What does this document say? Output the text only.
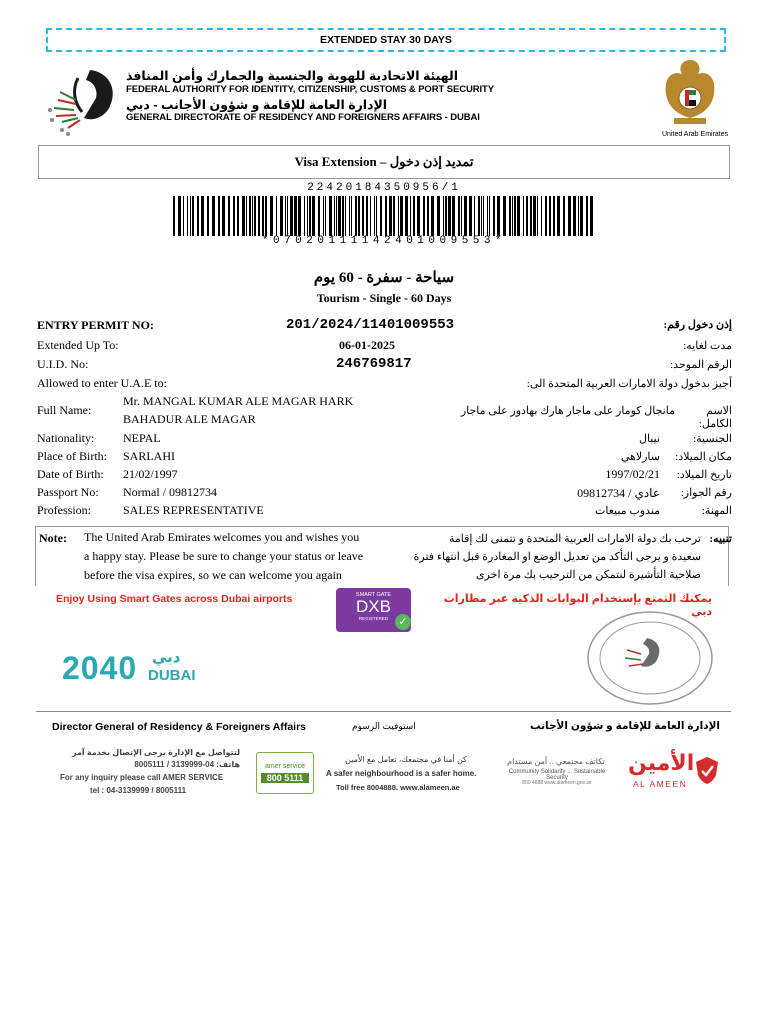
EXTENDED STAY 30 DAYS
الهيئة الاتحادية للهوية والجنسية والجمارك وأمن المنافذ
FEDERAL AUTHORITY FOR IDENTITY, CITIZENSHIP, CUSTOMS & PORT SECURITY
الإدارة العامة للإقامة و شؤون الأجانب - دبي
GENERAL DIRECTORATE OF RESIDENCY AND FOREIGNERS AFFAIRS - DUBAI
United Arab Emirates
Visa Extension – تمديد إذن دخول
22420184350956/1
*07020111142401009553*
سياحة - سفرة - 60 يوم
Tourism - Single - 60 Days
ENTRY PERMIT NO:	201/2024/11401009553	إذن دخول رقم:
Extended Up To:	06-01-2025	مدت لغايه:
U.I.D. No:	246769817	الرقم الموحد:
Allowed to enter U.A.E to:	أجيز بدخول دولة الامارات العربية المتحدة الى:
Full Name:
Mr. MANGAL KUMAR ALE MAGAR HARK
BAHADUR ALE MAGAR
مانجال كومار على ماجار هارك بهادور على ماجار	الاسم الكامل:
Nationality: NEPAL	نيبال	الجنسية:
Place of Birth: SARLAHI	سارلاهي	مكان الميلاد:
Date of Birth: 21/02/1997	1997/02/21	تاريخ الميلاد:
Passport No: Normal / 09812734	عادي / 09812734	رقم الجواز:
Profession:	SALES REPRESENTATIVE	مندوب مبيعات	المهنة:
Note: The United Arab Emirates welcomes you and wishes you
a happy stay. Please be sure to change your status or leave
before the visa expires, so we can welcome you again
تنبيه:
ترحب بك دولة الامارات العربية المتحدة و تتمنى لك إقامة
سعيدة و يرجى التأكد من تعديل الوضع او المغادرة قبل انتهاء فترة
صلاحية التأشيرة لنتمكن من الترحيب بك مرة اخرى
Enjoy Using Smart Gates across Dubai airports	SMART GATE
DXB
REGISTERED ✓
يمكنك التمتع بإستخدام البوابات الذكية عبر مطارات دبي
2040 دبي
DUBAI
Director General of Residency & Foreigners Affairs	استوفيت الرسوم	الإدارة العامة للإقامة و شؤون الأجانب
لتتواصل مع الإدارة يرجى الإتصال بخدمة آمر
هاتف: 04-3139999 / 8005111
For any inquiry please call AMER SERVICE
tel : 04-3139999 / 8005111
amer service
800 5111
كن أمنا في مجتمعك، تعامل مع الأمين
A safer neighbourhood is a safer home.
Toll free 8004888. www.alameen.ae
تكاتف مجتمعي .. أمن مستدام
Community Solidarity ... Sustainable Security
800 4888 www.alameen.gov.ae
الأمين
AL AMEEN
